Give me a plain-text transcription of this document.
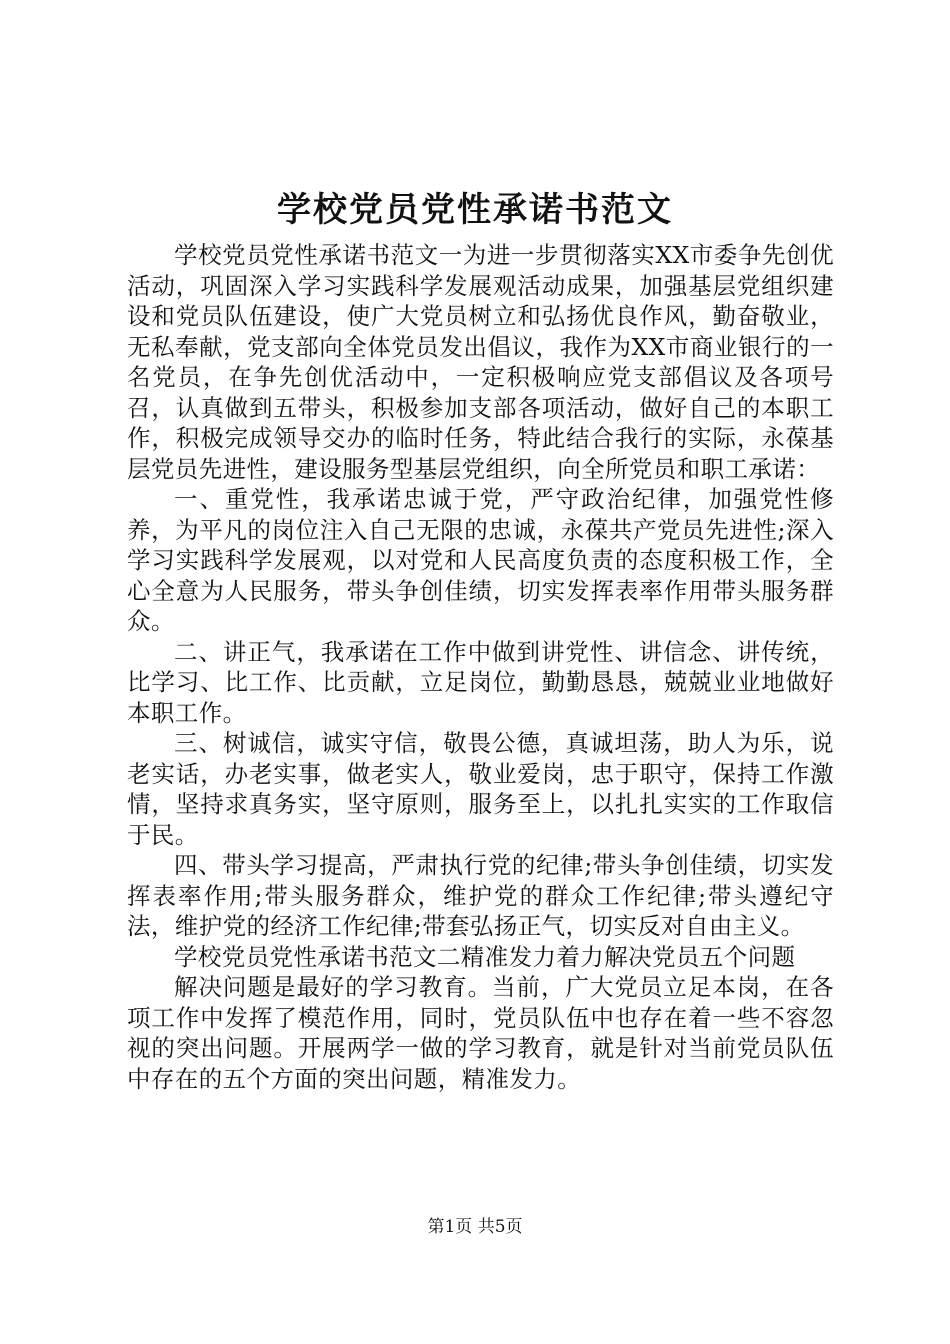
学校党员党性承诺书范文

学校党员党性承诺书范文一为进一步贯彻落实XX市委争先创优活动，巩固深入学习实践科学发展观活动成果，加强基层党组织建设和党员队伍建设，使广大党员树立和弘扬优良作风，勤奋敬业，无私奉献，党支部向全体党员发出倡议，我作为XX市商业银行的一名党员，在争先创优活动中，一定积极响应党支部倡议及各项号召，认真做到五带头，积极参加支部各项活动，做好自己的本职工作，积极完成领导交办的临时任务，特此结合我行的实际，永葆基层党员先进性，建设服务型基层党组织，向全所党员和职工承诺：

一、重党性，我承诺忠诚于党，严守政治纪律，加强党性修养，为平凡的岗位注入自己无限的忠诚，永葆共产党员先进性;深入学习实践科学发展观，以对党和人民高度负责的态度积极工作，全心全意为人民服务，带头争创佳绩，切实发挥表率作用带头服务群众。

二、讲正气，我承诺在工作中做到讲党性、讲信念、讲传统，比学习、比工作、比贡献，立足岗位，勤勤恳恳，兢兢业业地做好本职工作。

三、树诚信，诚实守信，敬畏公德，真诚坦荡，助人为乐，说老实话，办老实事，做老实人，敬业爱岗，忠于职守，保持工作激情，坚持求真务实，坚守原则，服务至上，以扎扎实实的工作取信于民。

四、带头学习提高，严肃执行党的纪律;带头争创佳绩，切实发挥表率作用;带头服务群众，维护党的群众工作纪律;带头遵纪守法，维护党的经济工作纪律;带套弘扬正气，切实反对自由主义。

学校党员党性承诺书范文二精准发力着力解决党员五个问题

解决问题是最好的学习教育。当前，广大党员立足本岗，在各项工作中发挥了模范作用，同时，党员队伍中也存在着一些不容忽视的突出问题。开展两学一做的学习教育，就是针对当前党员队伍中存在的五个方面的突出问题，精准发力。

第1页 共5页
